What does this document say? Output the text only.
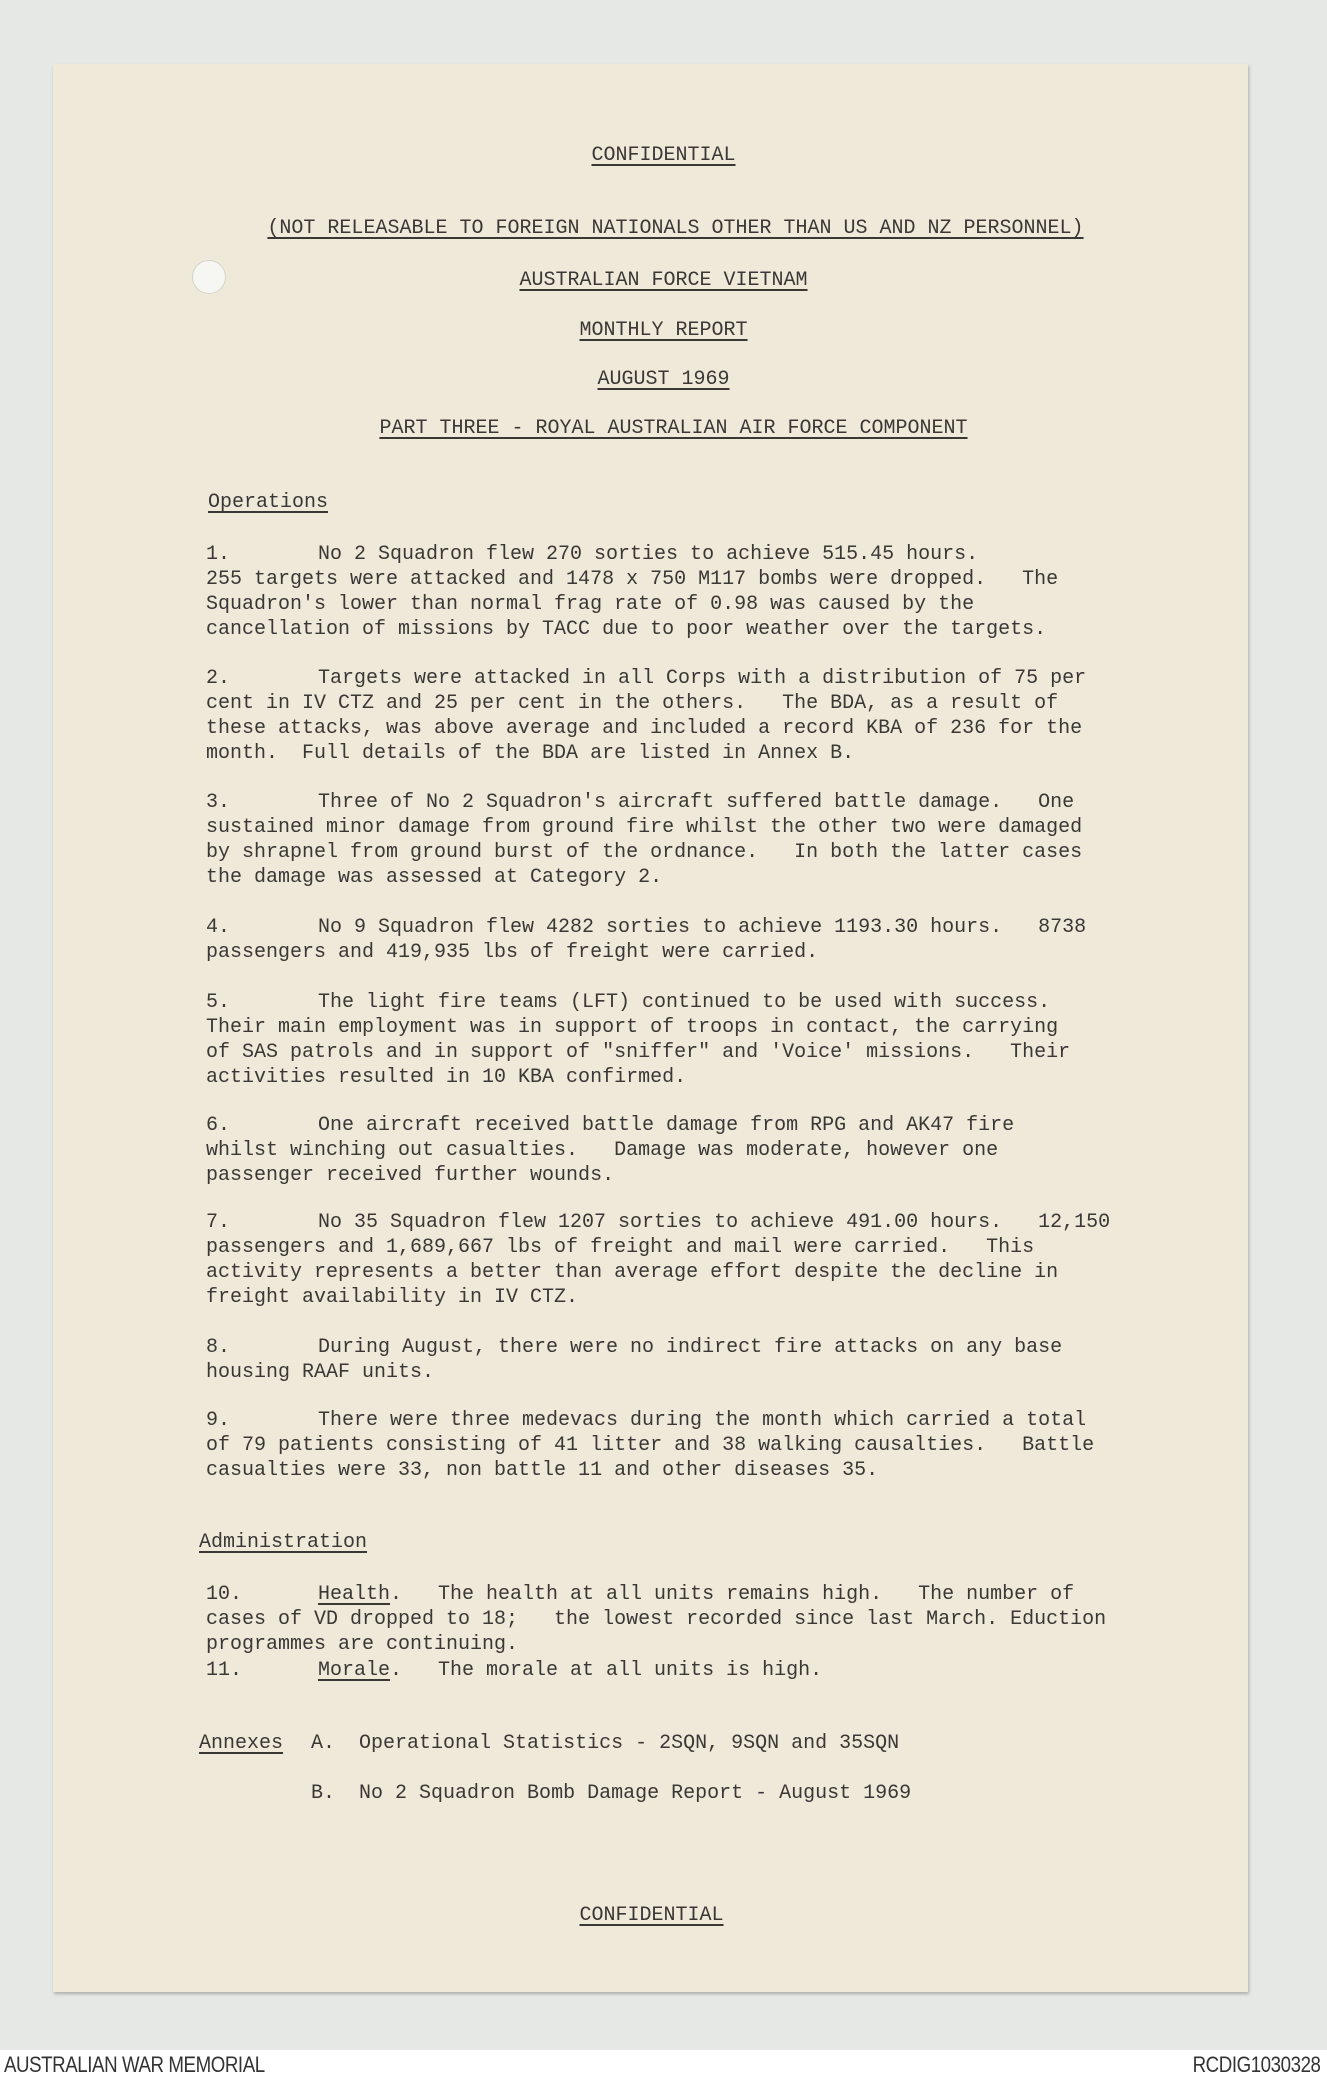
CONFIDENTIAL
(NOT RELEASABLE TO FOREIGN NATIONALS OTHER THAN US AND NZ PERSONNEL)
AUSTRALIAN FORCE VIETNAM
MONTHLY REPORT
AUGUST 1969
PART THREE - ROYAL AUSTRALIAN AIR FORCE COMPONENT
Operations
1.	No 2 Squadron flew 270 sorties to achieve 515.45 hours.
255 targets were attacked and 1478 x 750 M117 bombs were dropped.   The
Squadron's lower than normal frag rate of 0.98 was caused by the
cancellation of missions by TACC due to poor weather over the targets.
2.	Targets were attacked in all Corps with a distribution of 75 per
cent in IV CTZ and 25 per cent in the others.   The BDA, as a result of
these attacks, was above average and included a record KBA of 236 for the
month.  Full details of the BDA are listed in Annex B.
3.	Three of No 2 Squadron's aircraft suffered battle damage.   One
sustained minor damage from ground fire whilst the other two were damaged
by shrapnel from ground burst of the ordnance.   In both the latter cases
the damage was assessed at Category 2.
4.	No 9 Squadron flew 4282 sorties to achieve 1193.30 hours.   8738
passengers and 419,935 lbs of freight were carried.
5.	The light fire teams (LFT) continued to be used with success.
Their main employment was in support of troops in contact, the carrying
of SAS patrols and in support of "sniffer" and 'Voice' missions.   Their
activities resulted in 10 KBA confirmed.
6.	One aircraft received battle damage from RPG and AK47 fire
whilst winching out casualties.   Damage was moderate, however one
passenger received further wounds.
7.	No 35 Squadron flew 1207 sorties to achieve 491.00 hours.   12,150
passengers and 1,689,667 lbs of freight and mail were carried.   This
activity represents a better than average effort despite the decline in
freight availability in IV CTZ.
8.	During August, there were no indirect fire attacks on any base
housing RAAF units.
9.	There were three medevacs during the month which carried a total
of 79 patients consisting of 41 litter and 38 walking causalties.   Battle
casualties were 33, non battle 11 and other diseases 35.
Administration
10.	Health.   The health at all units remains high.   The number of
cases of VD dropped to 18;   the lowest recorded since last March. Eduction
programmes are continuing.
11.	Morale.   The morale at all units is high.
Annexes A. Operational Statistics - 2SQN, 9SQN and 35SQN
B. No 2 Squadron Bomb Damage Report - August 1969
CONFIDENTIAL
AUSTRALIAN WAR MEMORIAL	RCDIG1030328
